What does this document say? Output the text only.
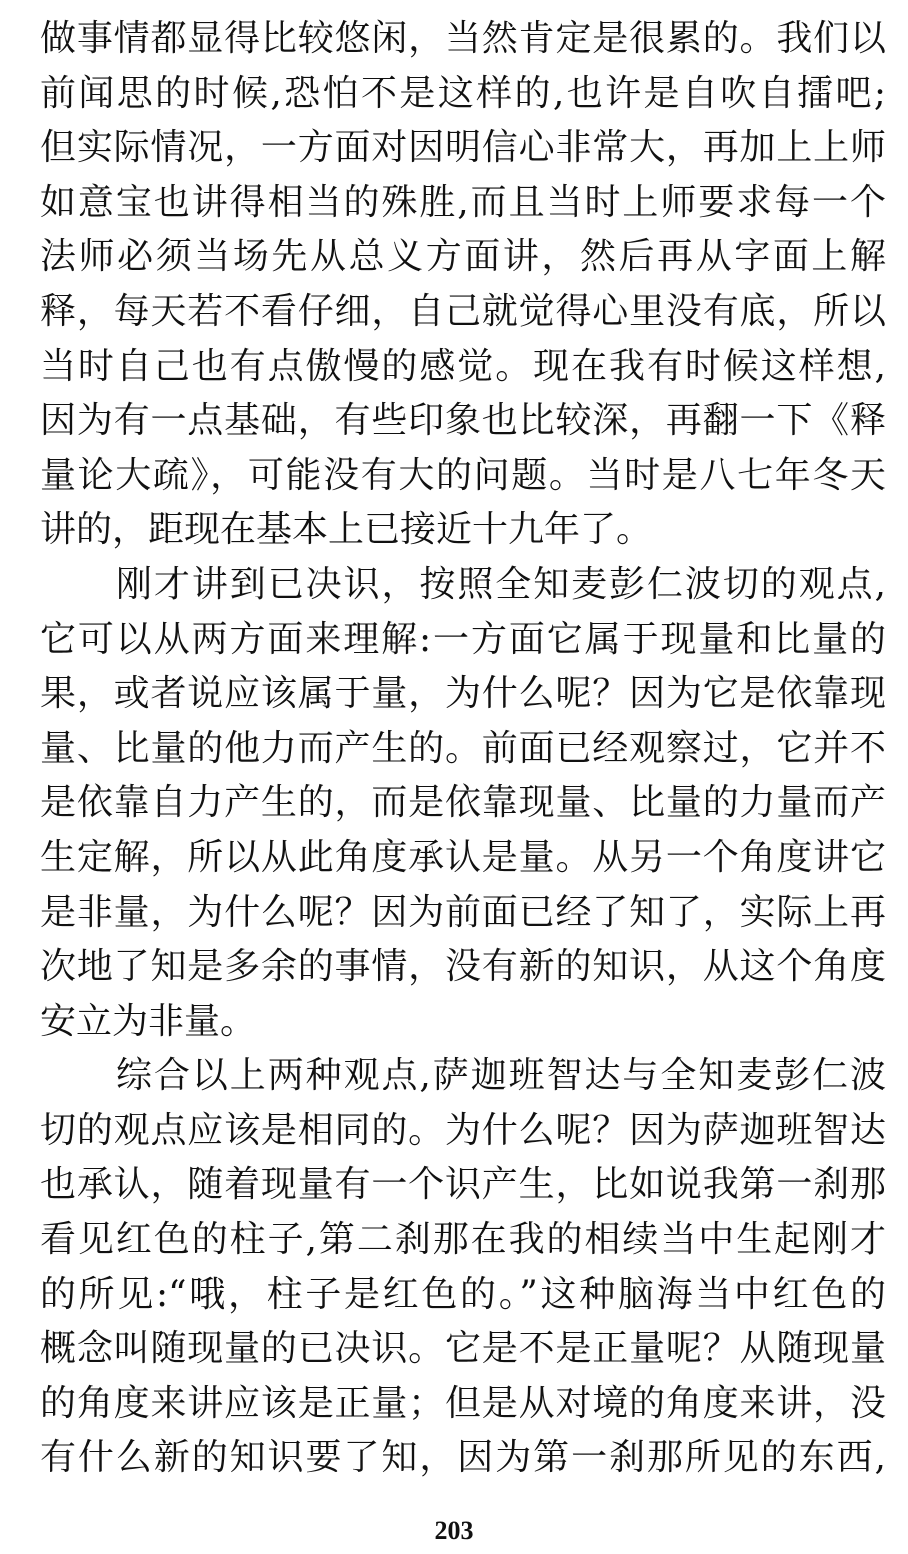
做事情都显得比较悠闲，当然肯定是很累的。我们以
前闻思的时候,恐怕不是这样的,也许是自吹自擂吧;
但实际情况，一方面对因明信心非常大，再加上上师
如意宝也讲得相当的殊胜,而且当时上师要求每一个
法师必须当场先从总义方面讲，然后再从字面上解
释，每天若不看仔细，自己就觉得心里没有底，所以
当时自己也有点傲慢的感觉。现在我有时候这样想,
因为有一点基础，有些印象也比较深，再翻一下《释
量论大疏》，可能没有大的问题。当时是八七年冬天
讲的，距现在基本上已接近十九年了。
刚才讲到已决识，按照全知麦彭仁波切的观点,
它可以从两方面来理解:一方面它属于现量和比量的
果，或者说应该属于量，为什么呢？因为它是依靠现
量、比量的他力而产生的。前面已经观察过，它并不
是依靠自力产生的，而是依靠现量、比量的力量而产
生定解，所以从此角度承认是量。从另一个角度讲它
是非量，为什么呢？因为前面已经了知了，实际上再
次地了知是多余的事情，没有新的知识，从这个角度
安立为非量。
综合以上两种观点,萨迦班智达与全知麦彭仁波
切的观点应该是相同的。为什么呢？因为萨迦班智达
也承认，随着现量有一个识产生，比如说我第一刹那
看见红色的柱子,第二刹那在我的相续当中生起刚才
的所见:“哦，柱子是红色的。”这种脑海当中红色的
概念叫随现量的已决识。它是不是正量呢？从随现量
的角度来讲应该是正量；但是从对境的角度来讲，没
有什么新的知识要了知，因为第一刹那所见的东西,
203
